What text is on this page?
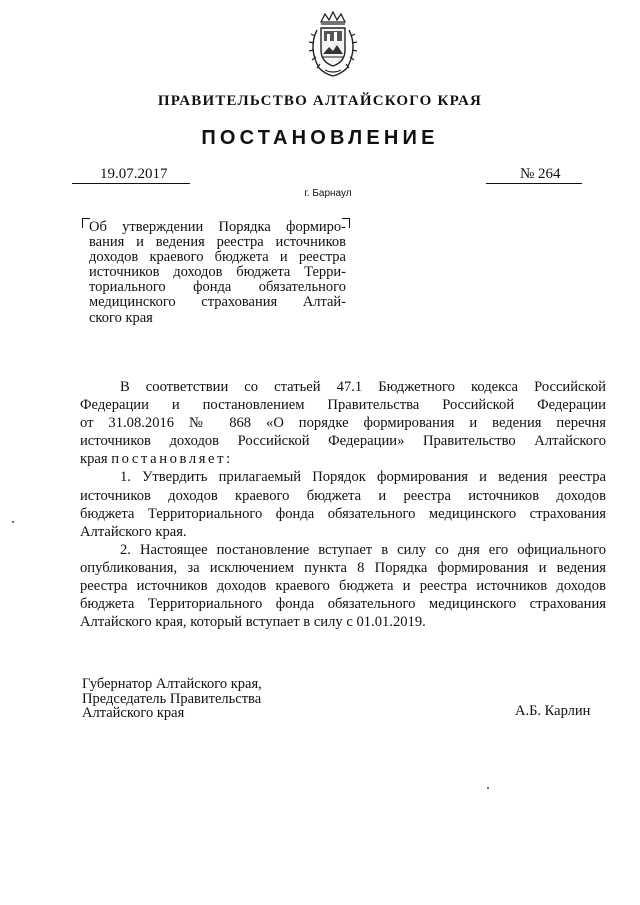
ПРАВИТЕЛЬСТВО АЛТАЙСКОГО КРАЯ
ПОСТАНОВЛЕНИЕ
19.07.2017	№ 264
г. Барнаул
Об утверждении Порядка формиро-
вания и ведения реестра источников
доходов краевого бюджета и реестра
источников доходов бюджета Терри-
ториального фонда обязательного
медицинского страхования Алтай-
ского края
В соответствии со статьей 47.1 Бюджетного кодекса Российской
Федерации и постановлением Правительства Российской Федерации
от 31.08.2016 № 868 «О порядке формирования и ведения перечня
источников доходов Российской Федерации» Правительство Алтайского
края постановляет:
1. Утвердить прилагаемый Порядок формирования и ведения реестра
источников доходов краевого бюджета и реестра источников доходов
бюджета Территориального фонда обязательного медицинского страхования
Алтайского края.
2. Настоящее постановление вступает в силу со дня его официального
опубликования, за исключением пункта 8 Порядка формирования и ведения
реестра источников доходов краевого бюджета и реестра источников доходов
бюджета Территориального фонда обязательного медицинского страхования
Алтайского края, который вступает в силу с 01.01.2019.
Губернатор Алтайского края,
Председатель Правительства
Алтайского края	А.Б. Карлин
